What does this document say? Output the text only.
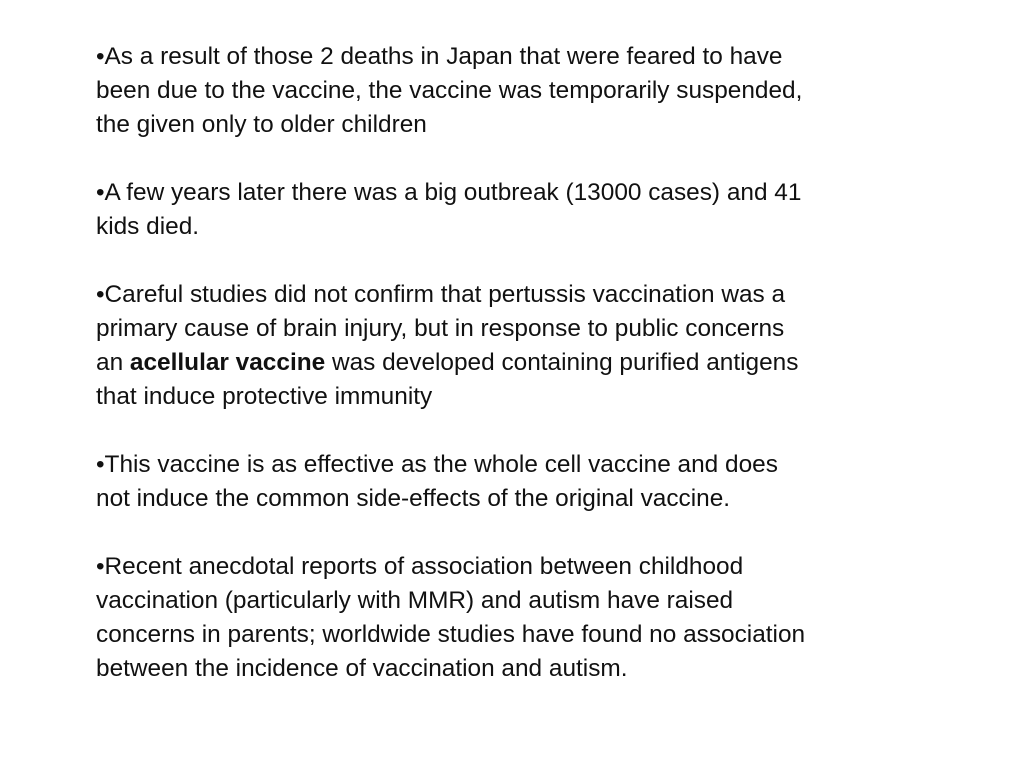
•As a result of those 2 deaths in Japan that were feared to have
been due to the vaccine, the vaccine was temporarily suspended,
the given only to older children
•A few years later there was a big outbreak (13000 cases) and 41
kids died.
•Careful studies did not confirm that pertussis vaccination was a
primary cause of brain injury, but in response to public concerns
an acellular vaccine was developed containing purified antigens
that induce protective immunity
•This vaccine is as effective as the whole cell vaccine and does
not induce the common side-effects of the original vaccine.
•Recent anecdotal reports of association between childhood
vaccination (particularly with MMR) and autism have raised
concerns in parents; worldwide studies have found no association
between the incidence of vaccination and autism.
